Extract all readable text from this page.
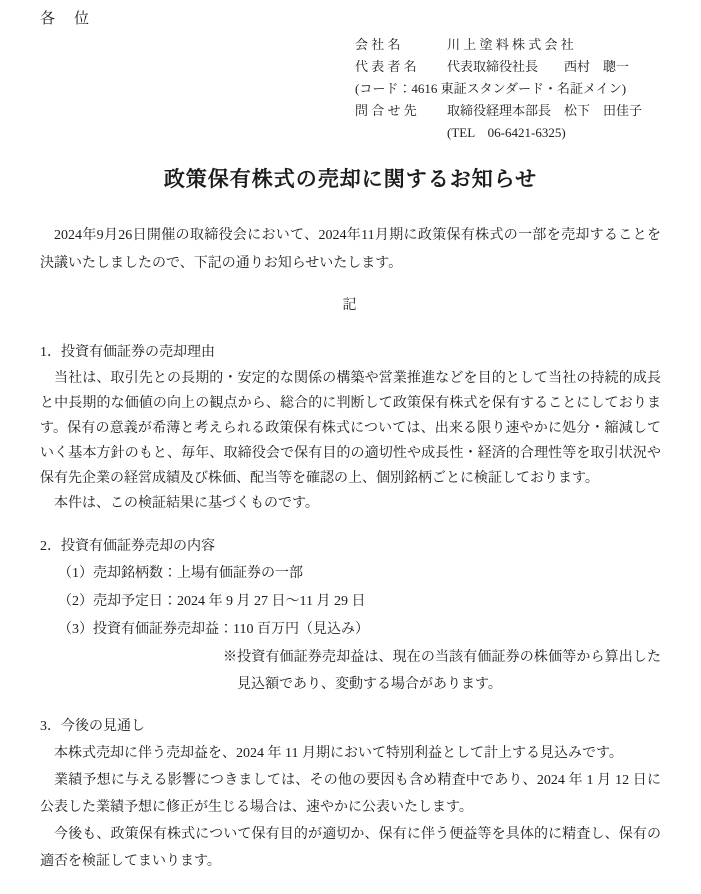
各　位
会 社 名	川 上 塗 料 株 式 会 社
代 表 者 名	代表取締役社長　　西村　聰一
(コード：4616 東証スタンダード・名証メイン)
問 合 せ 先	取締役経理本部長　松下　田佳子
(TEL　06-6421-6325)
政策保有株式の売却に関するお知らせ

2024年9月26日開催の取締役会において、2024年11月期に政策保有株式の一部を売却することを決議いたしましたので、下記の通りお知らせいたします。

記
1．投資有価証券の売却理由

当社は、取引先との長期的・安定的な関係の構築や営業推進などを目的として当社の持続的成長と中長期的な価値の向上の観点から、総合的に判断して政策保有株式を保有することにしております。保有の意義が希薄と考えられる政策保有株式については、出来る限り速やかに処分・縮減していく基本方針のもと、毎年、取締役会で保有目的の適切性や成長性・経済的合理性等を取引状況や保有先企業の経営成績及び株価、配当等を確認の上、個別銘柄ごとに検証しております。

本件は、この検証結果に基づくものです。

2．投資有価証券売却の内容
（1）売却銘柄数：上場有価証券の一部
（2）売却予定日：2024 年 9 月 27 日～11 月 29 日
（3）投資有価証券売却益：110 百万円（見込み）
※投資有価証券売却益は、現在の当該有価証券の株価等から算出した見込額であり、変動する場合があります。
3．今後の見通し

本株式売却に伴う売却益を、2024 年 11 月期において特別利益として計上する見込みです。

業績予想に与える影響につきましては、その他の要因も含め精査中であり、2024 年 1 月 12 日に公表した業績予想に修正が生じる場合は、速やかに公表いたします。

今後も、政策保有株式について保有目的が適切か、保有に伴う便益等を具体的に精査し、保有の適否を検証してまいります。
